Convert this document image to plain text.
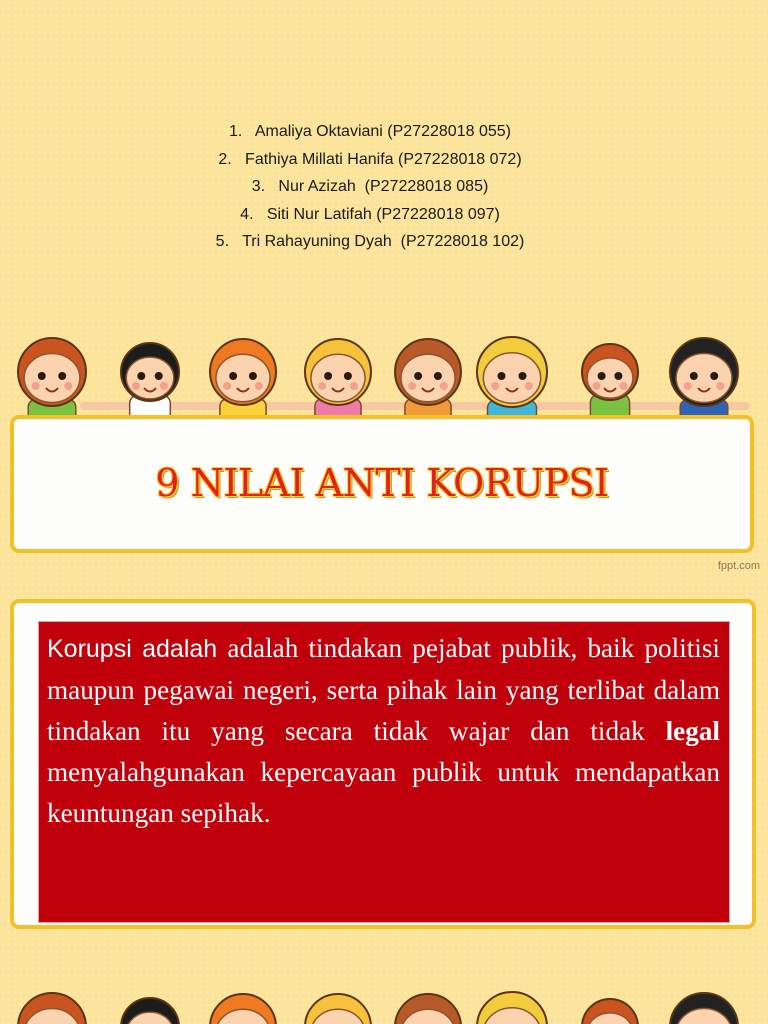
1.   Amaliya Oktaviani (P27228018 055)
2.   Fathiya Millati Hanifa (P27228018 072)
3.   Nur Azizah  (P27228018 085)
4.   Siti Nur Latifah (P27228018 097)
5.   Tri Rahayuning Dyah  (P27228018 102)
9 NILAI ANTI KORUPSI
fppt.com

Korupsi adalah adalah tindakan pejabat publik, baik politisi maupun pegawai negeri, serta pihak lain yang terlibat dalam tindakan itu yang secara tidak wajar dan tidak legal menyalahgunakan kepercayaan publik untuk mendapatkan keuntungan sepihak.
